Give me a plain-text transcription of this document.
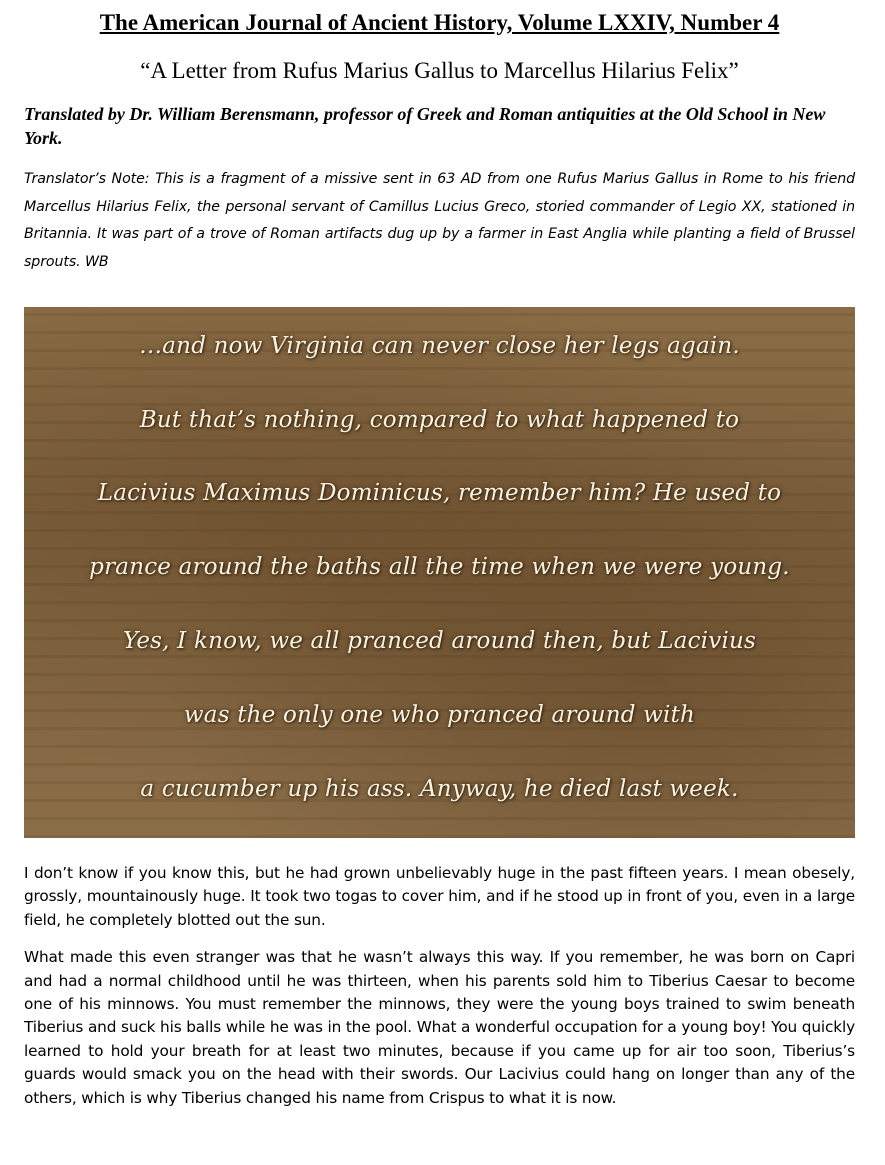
The American Journal of Ancient History, Volume LXXIV, Number 4
“A Letter from Rufus Marius Gallus to Marcellus Hilarius Felix”
Translated by Dr. William Berensmann, professor of Greek and Roman antiquities at the Old School in New York.
Translator’s Note: This is a fragment of a missive sent in 63 AD from one Rufus Marius Gallus in Rome to his friend Marcellus Hilarius Felix, the personal servant of Camillus Lucius Greco, storied commander of Legio XX, stationed in Britannia. It was part of a trove of Roman artifacts dug up by a farmer in East Anglia while planting a field of Brussel sprouts. WB
…and now Virginia can never close her legs again.
But that’s nothing, compared to what happened to
Lacivius Maximus Dominicus, remember him? He used to
prance around the baths all the time when we were young.
Yes, I know, we all pranced around then, but Lacivius
was the only one who pranced around with
a cucumber up his ass. Anyway, he died last week.

I don’t know if you know this, but he had grown unbelievably huge in the past fifteen years. I mean obesely, grossly, mountainously huge. It took two togas to cover him, and if he stood up in front of you, even in a large field, he completely blotted out the sun.

What made this even stranger was that he wasn’t always this way. If you remember, he was born on Capri and had a normal childhood until he was thirteen, when his parents sold him to Tiberius Caesar to become one of his minnows. You must remember the minnows, they were the young boys trained to swim beneath Tiberius and suck his balls while he was in the pool. What a wonderful occupation for a young boy! You quickly learned to hold your breath for at least two minutes, because if you came up for air too soon, Tiberius’s guards would smack you on the head with their swords. Our Lacivius could hang on longer than any of the others, which is why Tiberius changed his name from Crispus to what it is now.
